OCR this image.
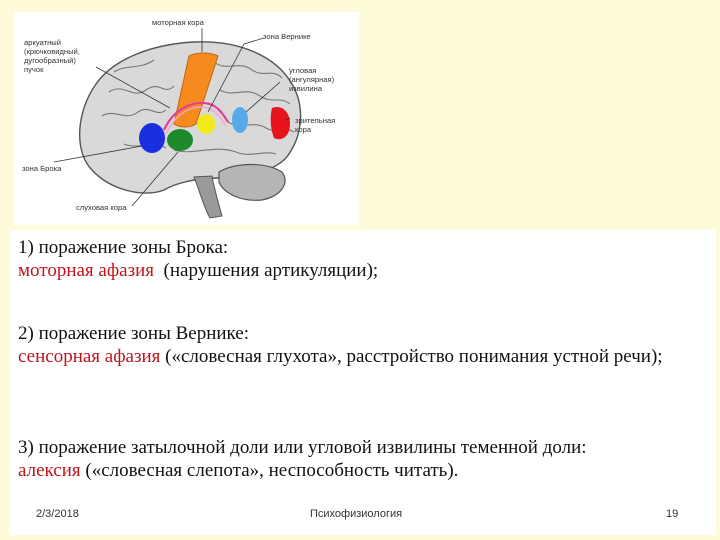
моторная кора
зона Вернике
аркуатный
(крючковидный,
дугообразный)
пучок	угловая
(ангулярная)
извилина
зрительная
кора
зона Брока
слуховая кора
1) поражение зоны Брока:
моторная афазия  (нарушения артикуляции);
2) поражение зоны Вернике:
сенсорная афазия («словесная глухота», расстройство понимания устной речи);
3) поражение затылочной доли или угловой извилины теменной доли:
алексия («словесная слепота», неспособность читать).
2/3/2018	Психофизиология	19
